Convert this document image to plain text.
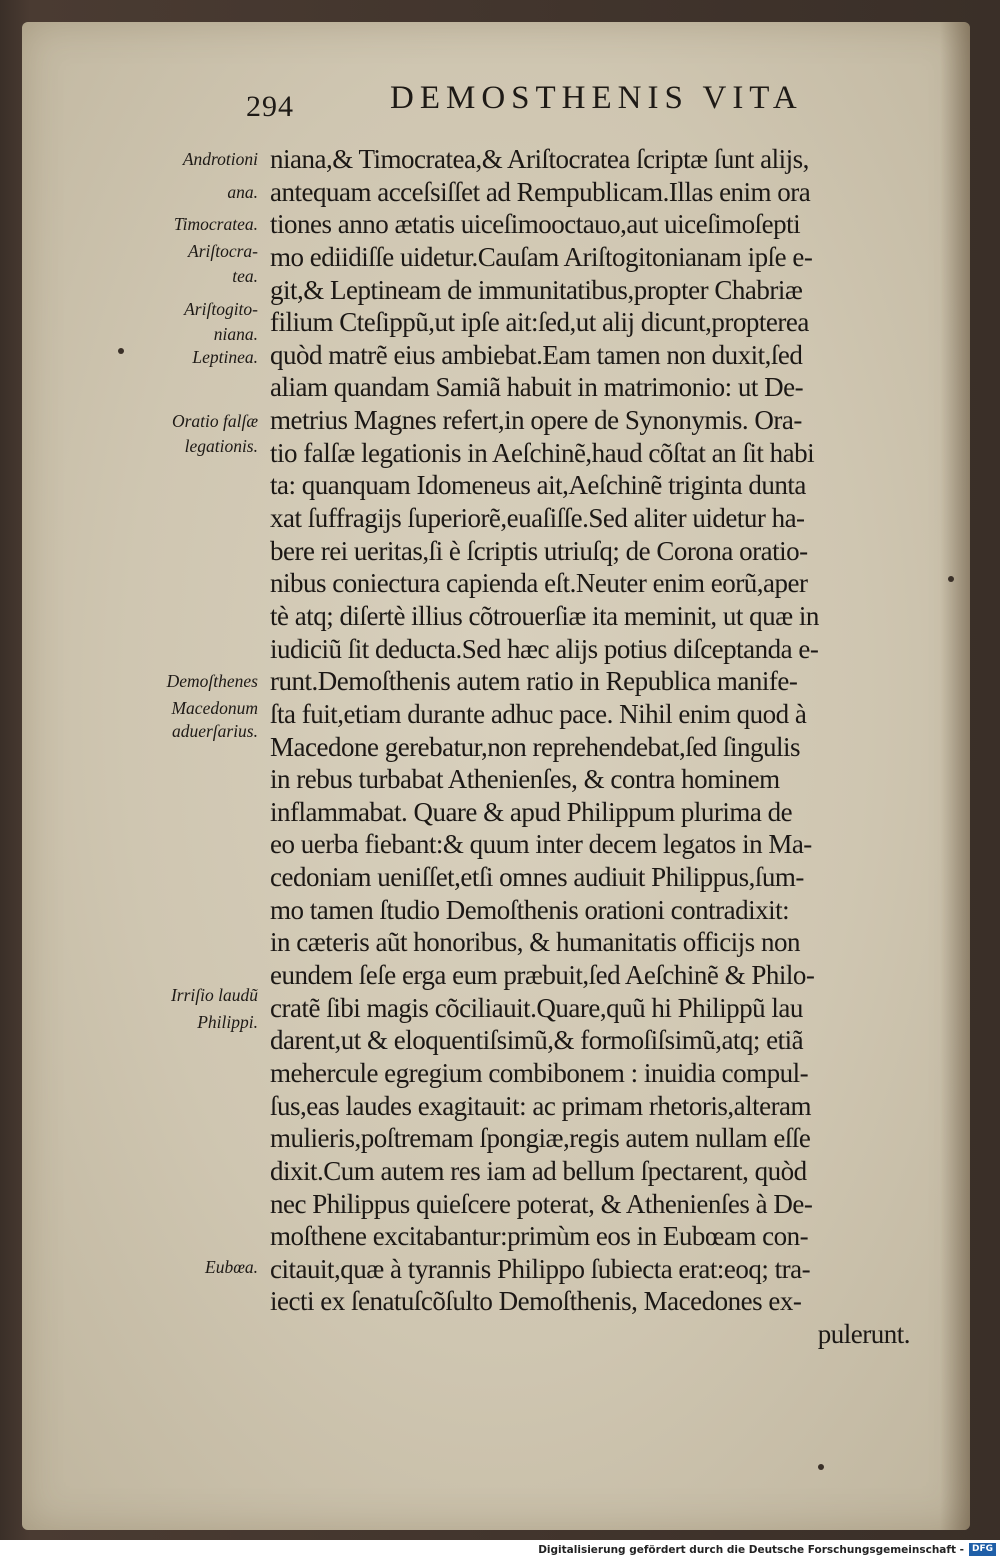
294	DEMOSTHENIS VITA
Androtioni
ana.
Timocratea.
Ariſtocra-
tea.
Ariſtogito-
niana.
Leptinea.
Oratio falſæ
legationis.
Demoſthenes
Macedonum
aduerſarius.
Irriſio laudũ
Philippi.
Eubœa.
niana,& Timocratea,& Ariſtocratea ſcriptæ ſunt alijs,
antequam acceſsiſſet ad Rempublicam.Illas enim ora
tiones anno ætatis uiceſimooctauo,aut uiceſimoſepti
mo ediidiſſe uidetur.Cauſam Ariſtogitonianam ipſe e-
git,& Leptineam de immunitatibus,propter Chabriæ
filium Cteſippũ,ut ipſe ait:ſed,ut alij dicunt,propterea
quòd matrẽ eius ambiebat.Eam tamen non duxit,ſed
aliam quandam Samiã habuit in matrimonio: ut De-
metrius Magnes refert,in opere de Synonymis. Ora-
tio falſæ legationis in Aeſchinẽ,haud cõſtat an ſit habi
ta: quanquam Idomeneus ait,Aeſchinẽ triginta dunta
xat ſuffragijs ſuperiorẽ,euaſiſſe.Sed aliter uidetur ha-
bere rei ueritas,ſi è ſcriptis utriuſq; de Corona oratio-
nibus coniectura capienda eſt.Neuter enim eorũ,aper
tè atq; diſertè illius cõtrouerſiæ ita meminit, ut quæ in
iudiciũ ſit deducta.Sed hæc alijs potius diſceptanda e-
runt.Demoſthenis autem ratio in Republica manife-
ſta fuit,etiam durante adhuc pace. Nihil enim quod à
Macedone gerebatur,non reprehendebat,ſed ſingulis
in rebus turbabat Athenienſes, & contra hominem
inflammabat. Quare & apud Philippum plurima de
eo uerba fiebant:& quum inter decem legatos in Ma-
cedoniam ueniſſet,etſi omnes audiuit Philippus,ſum-
mo tamen ſtudio Demoſthenis orationi contradixit:
in cæteris aũt honoribus, & humanitatis officijs non
eundem ſeſe erga eum præbuit,ſed Aeſchinẽ & Philo-
cratẽ ſibi magis cõciliauit.Quare,quũ hi Philippũ lau
darent,ut & eloquentiſsimũ,& formoſiſsimũ,atq; etiã
mehercule egregium combibonem : inuidia compul-
ſus,eas laudes exagitauit: ac primam rhetoris,alteram
mulieris,poſtremam ſpongiæ,regis autem nullam eſſe
dixit.Cum autem res iam ad bellum ſpectarent, quòd
nec Philippus quieſcere poterat, & Athenienſes à De-
moſthene excitabantur:primùm eos in Eubœam con-
citauit,quæ à tyrannis Philippo ſubiecta erat:eoq; tra-
iecti ex ſenatuſcõſulto Demoſthenis, Macedones ex-
pulerunt.
Digitalisierung gefördert durch die Deutsche Forschungsgemeinschaft - DFG
